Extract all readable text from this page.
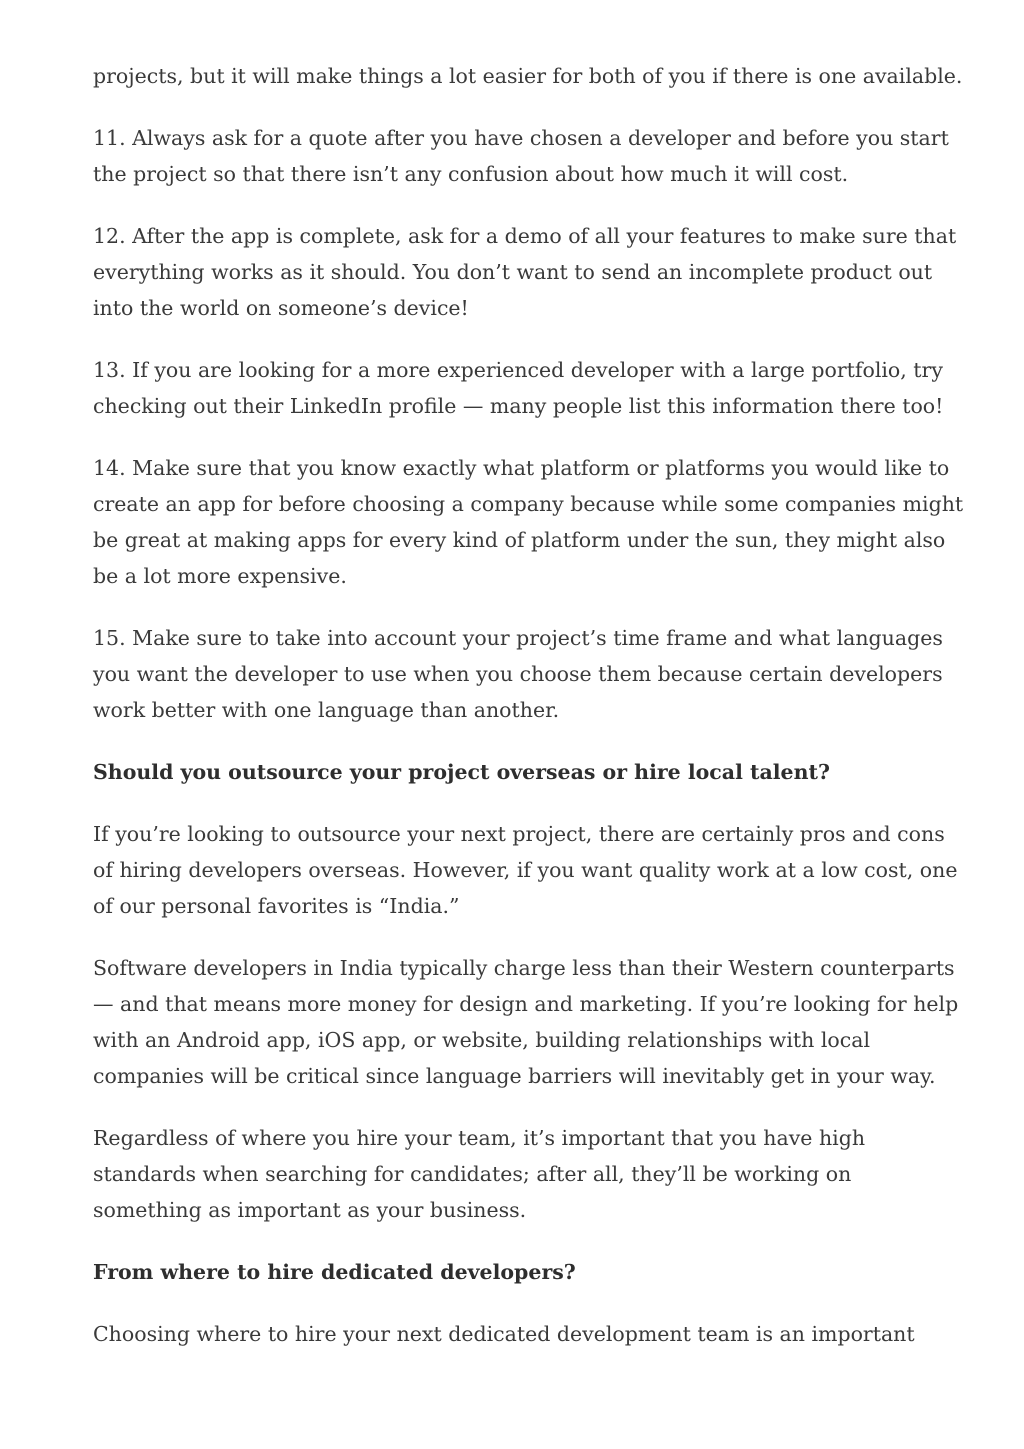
projects, but it will make things a lot easier for both of you if there is one available.

11. Always ask for a quote after you have chosen a developer and before you start the project so that there isn’t any confusion about how much it will cost.

12. After the app is complete, ask for a demo of all your features to make sure that everything works as it should. You don’t want to send an incomplete product out into the world on someone’s device!

13. If you are looking for a more experienced developer with a large portfolio, try checking out their LinkedIn profile — many people list this information there too!

14. Make sure that you know exactly what platform or platforms you would like to create an app for before choosing a company because while some companies might be great at making apps for every kind of platform under the sun, they might also be a lot more expensive.

15. Make sure to take into account your project’s time frame and what languages you want the developer to use when you choose them because certain developers work better with one language than another.

Should you outsource your project overseas or hire local talent?

If you’re looking to outsource your next project, there are certainly pros and cons of hiring developers overseas. However, if you want quality work at a low cost, one of our personal favorites is “India.”

Software developers in India typically charge less than their Western counterparts — and that means more money for design and marketing. If you’re looking for help with an Android app, iOS app, or website, building relationships with local companies will be critical since language barriers will inevitably get in your way.

Regardless of where you hire your team, it’s important that you have high standards when searching for candidates; after all, they’ll be working on something as important as your business.

From where to hire dedicated developers?

Choosing where to hire your next dedicated development team is an important
